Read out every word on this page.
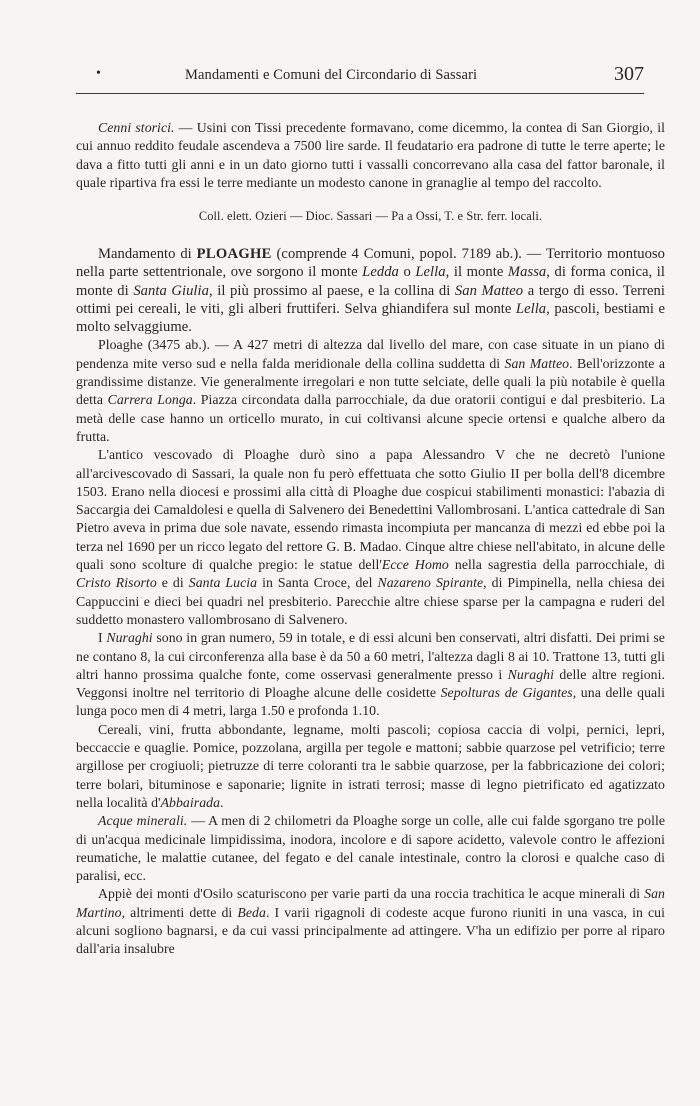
•	Mandamenti e Comuni del Circondario di Sassari	307

Cenni storici. — Usini con Tissi precedente formavano, come dicemmo, la contea di San Giorgio, il cui annuo reddito feudale ascendeva a 7500 lire sarde. Il feudatario era padrone di tutte le terre aperte; le dava a fitto tutti gli anni e in un dato giorno tutti i vassalli concorrevano alla casa del fattor baronale, il quale ripartiva fra essi le terre mediante un modesto canone in granaglie al tempo del raccolto.

Coll. elett. Ozieri — Dioc. Sassari — Pa a Ossi, T. e Str. ferr. locali.

Mandamento di PLOAGHE (comprende 4 Comuni, popol. 7189 ab.). — Territorio montuoso nella parte settentrionale, ove sorgono il monte Ledda o Lella, il monte Massa, di forma conica, il monte di Santa Giulia, il più prossimo al paese, e la collina di San Matteo a tergo di esso. Terreni ottimi pei cereali, le viti, gli alberi fruttiferi. Selva ghiandifera sul monte Lella, pascoli, bestiami e molto selvaggiume.

Ploaghe (3475 ab.). — A 427 metri di altezza dal livello del mare, con case situate in un piano di pendenza mite verso sud e nella falda meridionale della collina suddetta di San Matteo. Bell'orizzonte a grandissime distanze. Vie generalmente irregolari e non tutte selciate, delle quali la più notabile è quella detta Carrera Longa. Piazza circondata dalla parrocchiale, da due oratorii contigui e dal presbiterio. La metà delle case hanno un orticello murato, in cui coltivansi alcune specie ortensi e qualche albero da frutta.

L'antico vescovado di Ploaghe durò sino a papa Alessandro V che ne decretò l'unione all'arcivescovado di Sassari, la quale non fu però effettuata che sotto Giulio II per bolla dell'8 dicembre 1503. Erano nella diocesi e prossimi alla città di Ploaghe due cospicui stabilimenti monastici: l'abazia di Saccargia dei Camaldolesi e quella di Salvenero dei Benedettini Vallombrosani. L'antica cattedrale di San Pietro aveva in prima due sole navate, essendo rimasta incompiuta per mancanza di mezzi ed ebbe poi la terza nel 1690 per un ricco legato del rettore G. B. Madao. Cinque altre chiese nell'abitato, in alcune delle quali sono scolture di qualche pregio: le statue dell'Ecce Homo nella sagrestia della parrocchiale, di Cristo Risorto e di Santa Lucia in Santa Croce, del Nazareno Spirante, di Pimpinella, nella chiesa dei Cappuccini e dieci bei quadri nel presbiterio. Parecchie altre chiese sparse per la campagna e ruderi del suddetto monastero vallombrosano di Salvenero.

I Nuraghi sono in gran numero, 59 in totale, e di essi alcuni ben conservati, altri disfatti. Dei primi se ne contano 8, la cui circonferenza alla base è da 50 a 60 metri, l'altezza dagli 8 ai 10. Trattone 13, tutti gli altri hanno prossima qualche fonte, come osservasi generalmente presso i Nuraghi delle altre regioni. Veggonsi inoltre nel territorio di Ploaghe alcune delle cosidette Sepolturas de Gigantes, una delle quali lunga poco men di 4 metri, larga 1.50 e profonda 1.10.

Cereali, vini, frutta abbondante, legname, molti pascoli; copiosa caccia di volpi, pernici, lepri, beccaccie e quaglie. Pomice, pozzolana, argilla per tegole e mattoni; sabbie quarzose pel vetrificio; terre argillose per crogiuoli; pietruzze di terre coloranti tra le sabbie quarzose, per la fabbricazione dei colori; terre bolari, bituminose e saponarie; lignite in istrati terrosi; masse di legno pietrificato ed agatizzato nella località d'Abbairada.

Acque minerali. — A men di 2 chilometri da Ploaghe sorge un colle, alle cui falde sgorgano tre polle di un'acqua medicinale limpidissima, inodora, incolore e di sapore acidetto, valevole contro le affezioni reumatiche, le malattie cutanee, del fegato e del canale intestinale, contro la clorosi e qualche caso di paralisi, ecc.

Appiè dei monti d'Osilo scaturiscono per varie parti da una roccia trachitica le acque minerali di San Martino, altrimenti dette di Beda. I varii rigagnoli di codeste acque furono riuniti in una vasca, in cui alcuni sogliono bagnarsi, e da cui vassi principalmente ad attingere. V'ha un edifizio per porre al riparo dall'aria insalubre
